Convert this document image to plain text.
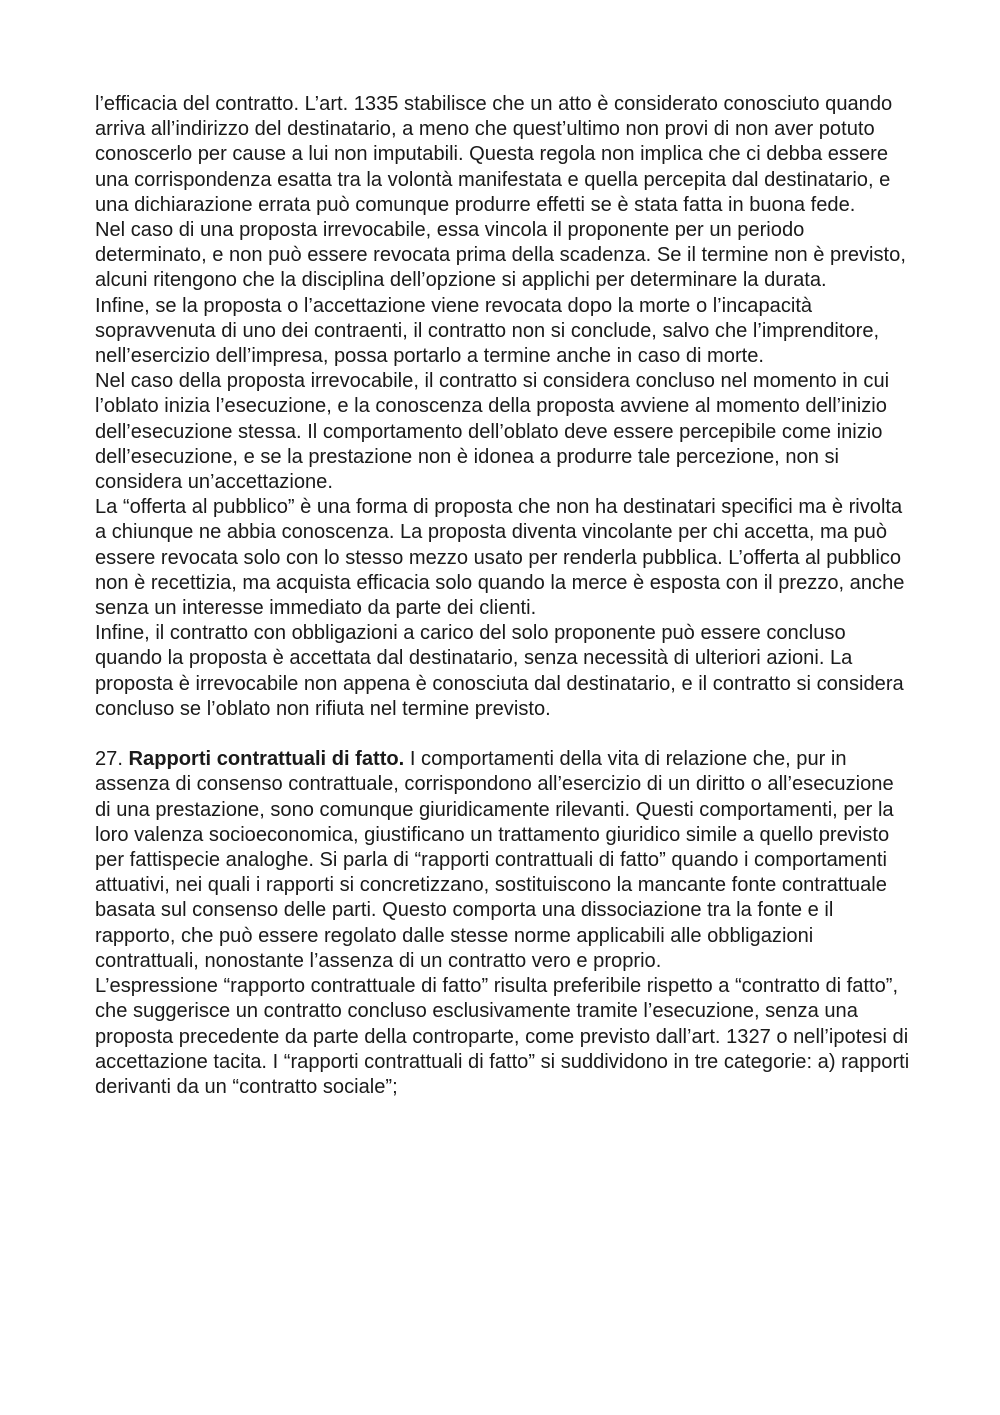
l’efficacia del contratto. L’art. 1335 stabilisce che un atto è considerato conosciuto quando arriva all’indirizzo del destinatario, a meno che quest’ultimo non provi di non aver potuto conoscerlo per cause a lui non imputabili. Questa regola non implica che ci debba essere una corrispondenza esatta tra la volontà manifestata e quella percepita dal destinatario, e una dichiarazione errata può comunque produrre effetti se è stata fatta in buona fede.

Nel caso di una proposta irrevocabile, essa vincola il proponente per un periodo determinato, e non può essere revocata prima della scadenza. Se il termine non è previsto, alcuni ritengono che la disciplina dell’opzione si applichi per determinare la durata.

Infine, se la proposta o l’accettazione viene revocata dopo la morte o l’incapacità sopravvenuta di uno dei contraenti, il contratto non si conclude, salvo che l’imprenditore, nell’esercizio dell’impresa, possa portarlo a termine anche in caso di morte.

Nel caso della proposta irrevocabile, il contratto si considera concluso nel momento in cui l’oblato inizia l’esecuzione, e la conoscenza della proposta avviene al momento dell’inizio dell’esecuzione stessa. Il comportamento dell’oblato deve essere percepibile come inizio dell’esecuzione, e se la prestazione non è idonea a produrre tale percezione, non si considera un’accettazione.

La “offerta al pubblico” è una forma di proposta che non ha destinatari specifici ma è rivolta a chiunque ne abbia conoscenza. La proposta diventa vincolante per chi accetta, ma può essere revocata solo con lo stesso mezzo usato per renderla pubblica. L’offerta al pubblico non è recettizia, ma acquista efficacia solo quando la merce è esposta con il prezzo, anche senza un interesse immediato da parte dei clienti.

Infine, il contratto con obbligazioni a carico del solo proponente può essere concluso quando la proposta è accettata dal destinatario, senza necessità di ulteriori azioni. La proposta è irrevocabile non appena è conosciuta dal destinatario, e il contratto si considera concluso se l’oblato non rifiuta nel termine previsto.

27. Rapporti contrattuali di fatto. I comportamenti della vita di relazione che, pur in assenza di consenso contrattuale, corrispondono all’esercizio di un diritto o all’esecuzione di una prestazione, sono comunque giuridicamente rilevanti. Questi comportamenti, per la loro valenza socioeconomica, giustificano un trattamento giuridico simile a quello previsto per fattispecie analoghe. Si parla di “rapporti contrattuali di fatto” quando i comportamenti attuativi, nei quali i rapporti si concretizzano, sostituiscono la mancante fonte contrattuale basata sul consenso delle parti. Questo comporta una dissociazione tra la fonte e il rapporto, che può essere regolato dalle stesse norme applicabili alle obbligazioni contrattuali, nonostante l’assenza di un contratto vero e proprio.

L’espressione “rapporto contrattuale di fatto” risulta preferibile rispetto a “contratto di fatto”, che suggerisce un contratto concluso esclusivamente tramite l’esecuzione, senza una proposta precedente da parte della controparte, come previsto dall’art. 1327 o nell’ipotesi di accettazione tacita. I “rapporti contrattuali di fatto” si suddividono in tre categorie: a) rapporti derivanti da un “contratto sociale”;
